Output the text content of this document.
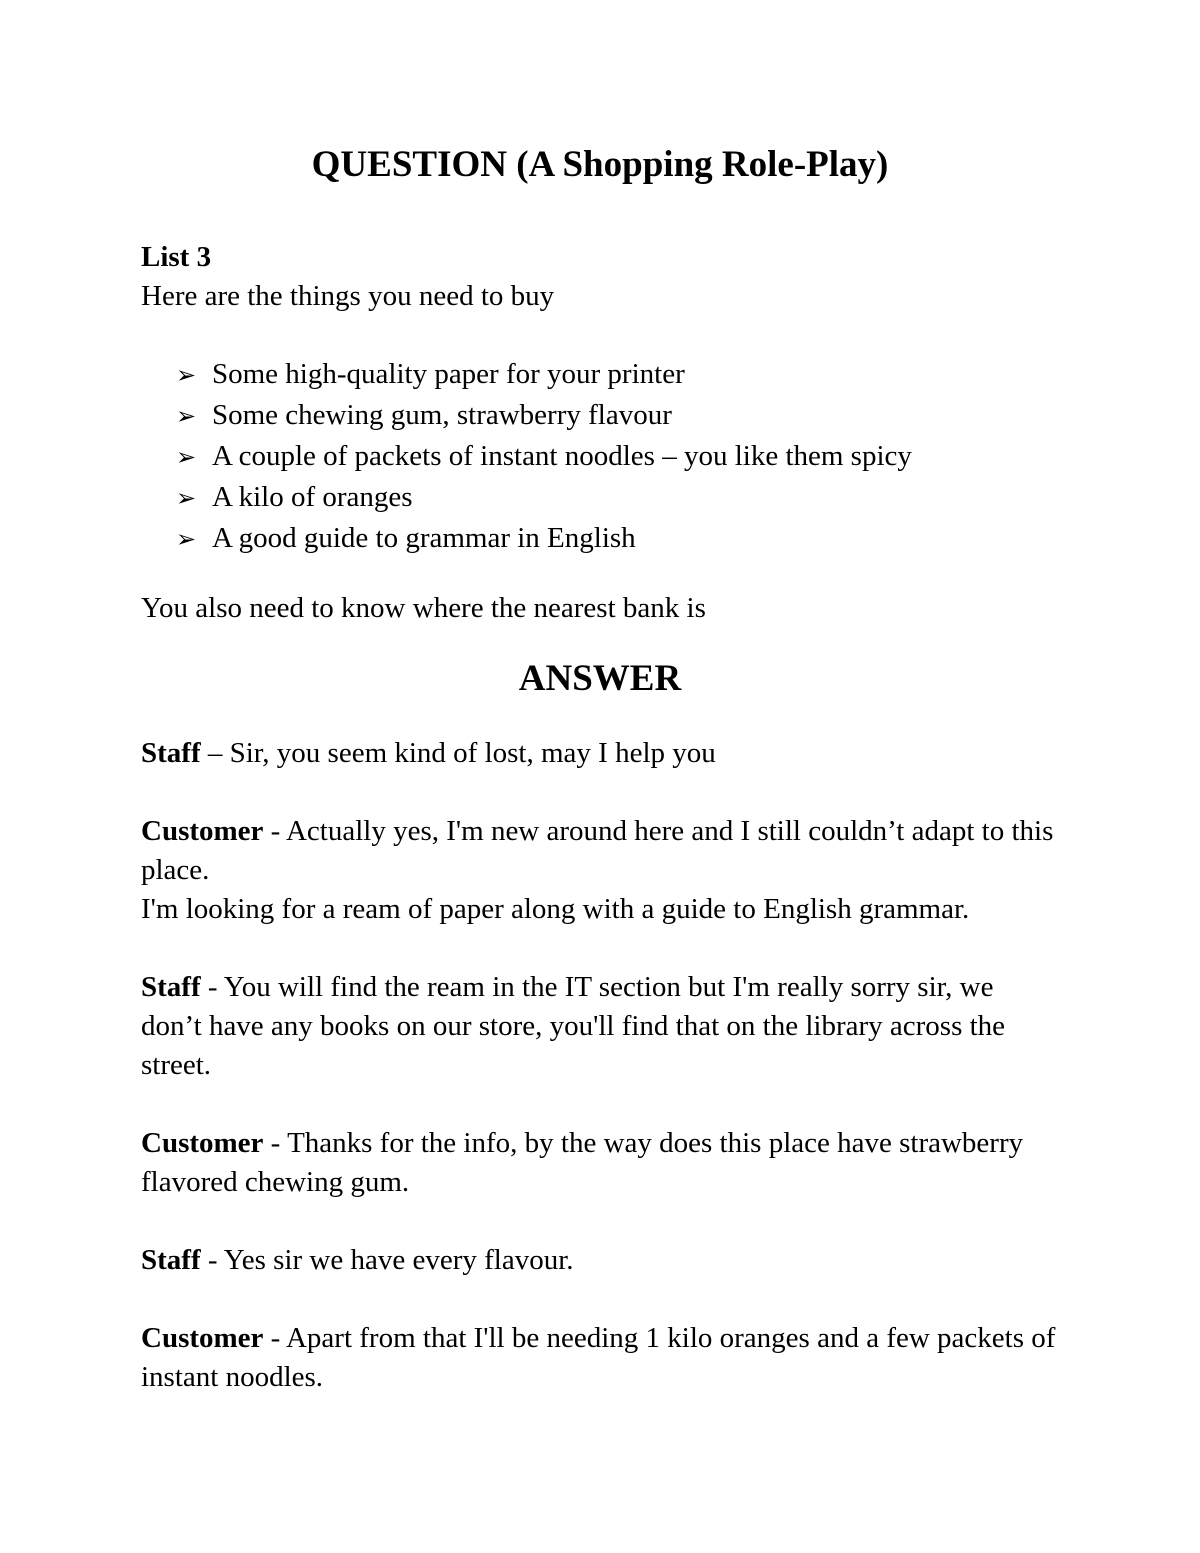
QUESTION (A Shopping Role-Play)

List 3

Here are the things you need to buy

➢ Some high-quality paper for your printer
➢ Some chewing gum, strawberry flavour
➢ A couple of packets of instant noodles – you like them spicy
➢ A kilo of oranges
➢ A good guide to grammar in English

You also need to know where the nearest bank is

ANSWER

Staff – Sir, you seem kind of lost, may I help you

Customer - Actually yes, I'm new around here and I still couldn’t adapt to this place.
I'm looking for a ream of paper along with a guide to English grammar.

Staff - You will find the ream in the IT section but I'm really sorry sir, we don’t have any books on our store, you'll find that on the library across the street.

Customer - Thanks for the info, by the way does this place have strawberry flavored chewing gum.

Staff - Yes sir we have every flavour.

Customer - Apart from that I'll be needing 1 kilo oranges and a few packets of instant noodles.
